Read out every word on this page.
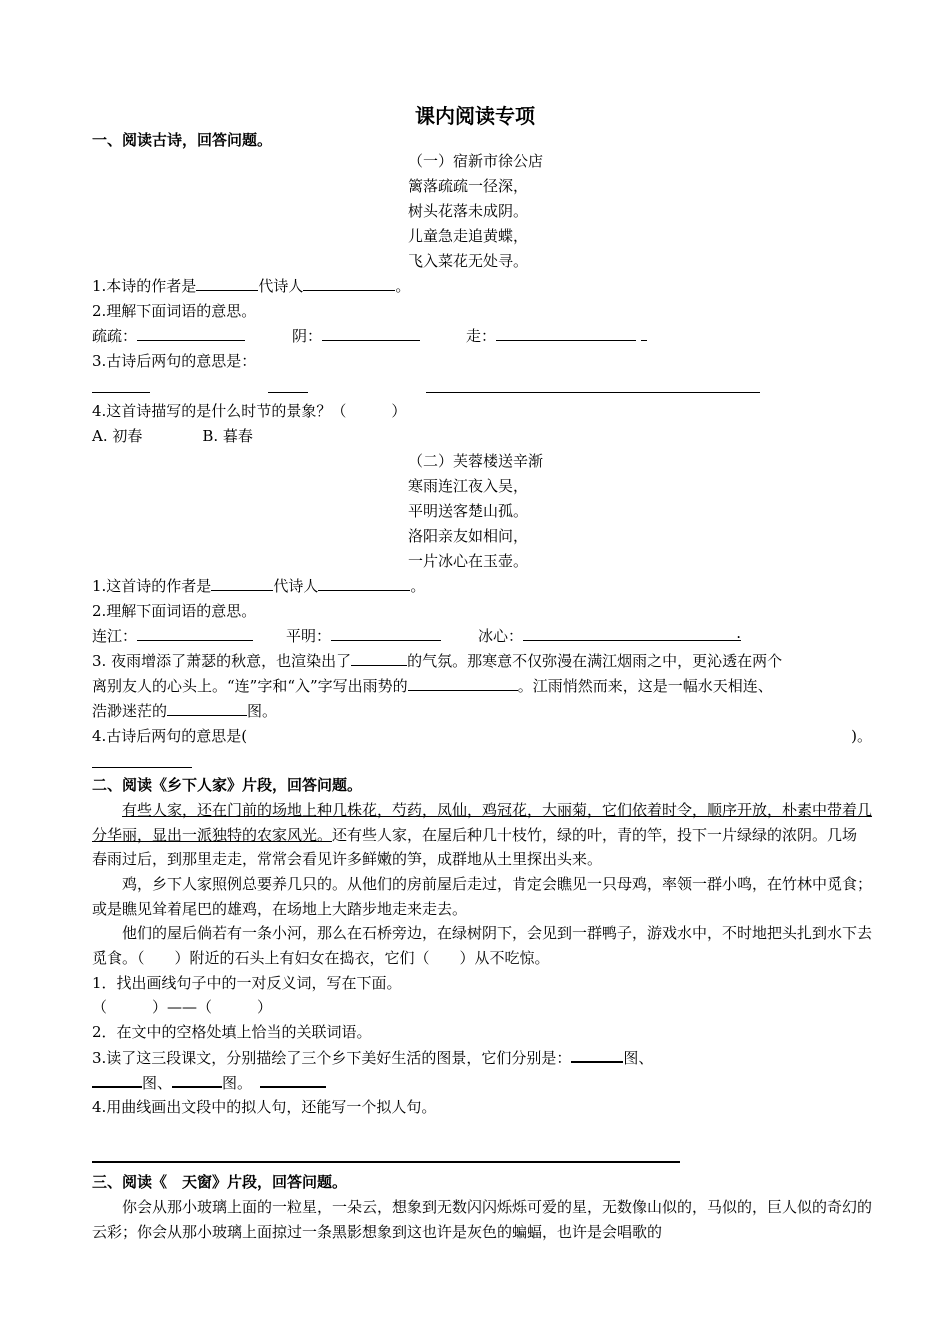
课内阅读专项
一、阅读古诗，回答问题。
（一）宿新市徐公店
篱落疏疏一径深，
树头花落未成阴。
儿童急走追黄蝶，
飞入菜花无处寻。
1.本诗的作者是	代诗人	。
2.理解下面词语的意思。
疏疏：	阴：	走：
3.古诗后两句的意思是：
4.这首诗描写的是什么时节的景象？（　　　）
A. 初春　　　　B. 暮春
（二）芙蓉楼送辛渐
寒雨连江夜入吴，
平明送客楚山孤。
洛阳亲友如相问，
一片冰心在玉壶。
1.这首诗的作者是	代诗人	。
2.理解下面词语的意思。
连江：	平明：	冰心：	.
3. 夜雨增添了萧瑟的秋意，也渲染出了	的气氛。那寒意不仅弥漫在满江烟雨之中，更沁透在两个
离别友人的心头上。“连”字和“入”字写出雨势的	。江雨悄然而来，这是一幅水天相连、
浩渺迷茫的	图。
4.古诗后两句的意思是(	)。
二、阅读《乡下人家》片段，回答问题。
有些人家，还在门前的场地上种几株花，芍药，凤仙，鸡冠花，大丽菊，它们依着时令，顺序开放，朴素中带着几分华丽，显出一派独特的农家风光。还有些人家，在屋后种几十枝竹，绿的叶，青的竿，投下一片绿绿的浓阴。几场春雨过后，到那里走走，常常会看见许多鲜嫩的笋，成群地从土里探出头来。
鸡，乡下人家照例总要养几只的。从他们的房前屋后走过，肯定会瞧见一只母鸡，率领一群小鸣，在竹林中觅食；或是瞧见耸着尾巴的雄鸡，在场地上大踏步地走来走去。
他们的屋后倘若有一条小河，那么在石桥旁边，在绿树阴下，会见到一群鸭子，游戏水中，不时地把头扎到水下去觅食。（　　）附近的石头上有妇女在捣衣，它们（　　）从不吃惊。
1．找出画线句子中的一对反义词，写在下面。
（　　　）——（　　　）
2．在文中的空格处填上恰当的关联词语。
3.读了这三段课文，分别描绘了三个乡下美好生活的图景，它们分别是：	图、
图、	图。
4.用曲线画出文段中的拟人句，还能写一个拟人句。
三、阅读《　天窗》片段，回答问题。
你会从那小玻璃上面的一粒星，一朵云，想象到无数闪闪烁烁可爱的星，无数像山似的，马似的，巨人似的奇幻的云彩；你会从那小玻璃上面掠过一条黑影想象到这也许是灰色的蝙蝠，也许是会唱歌的
